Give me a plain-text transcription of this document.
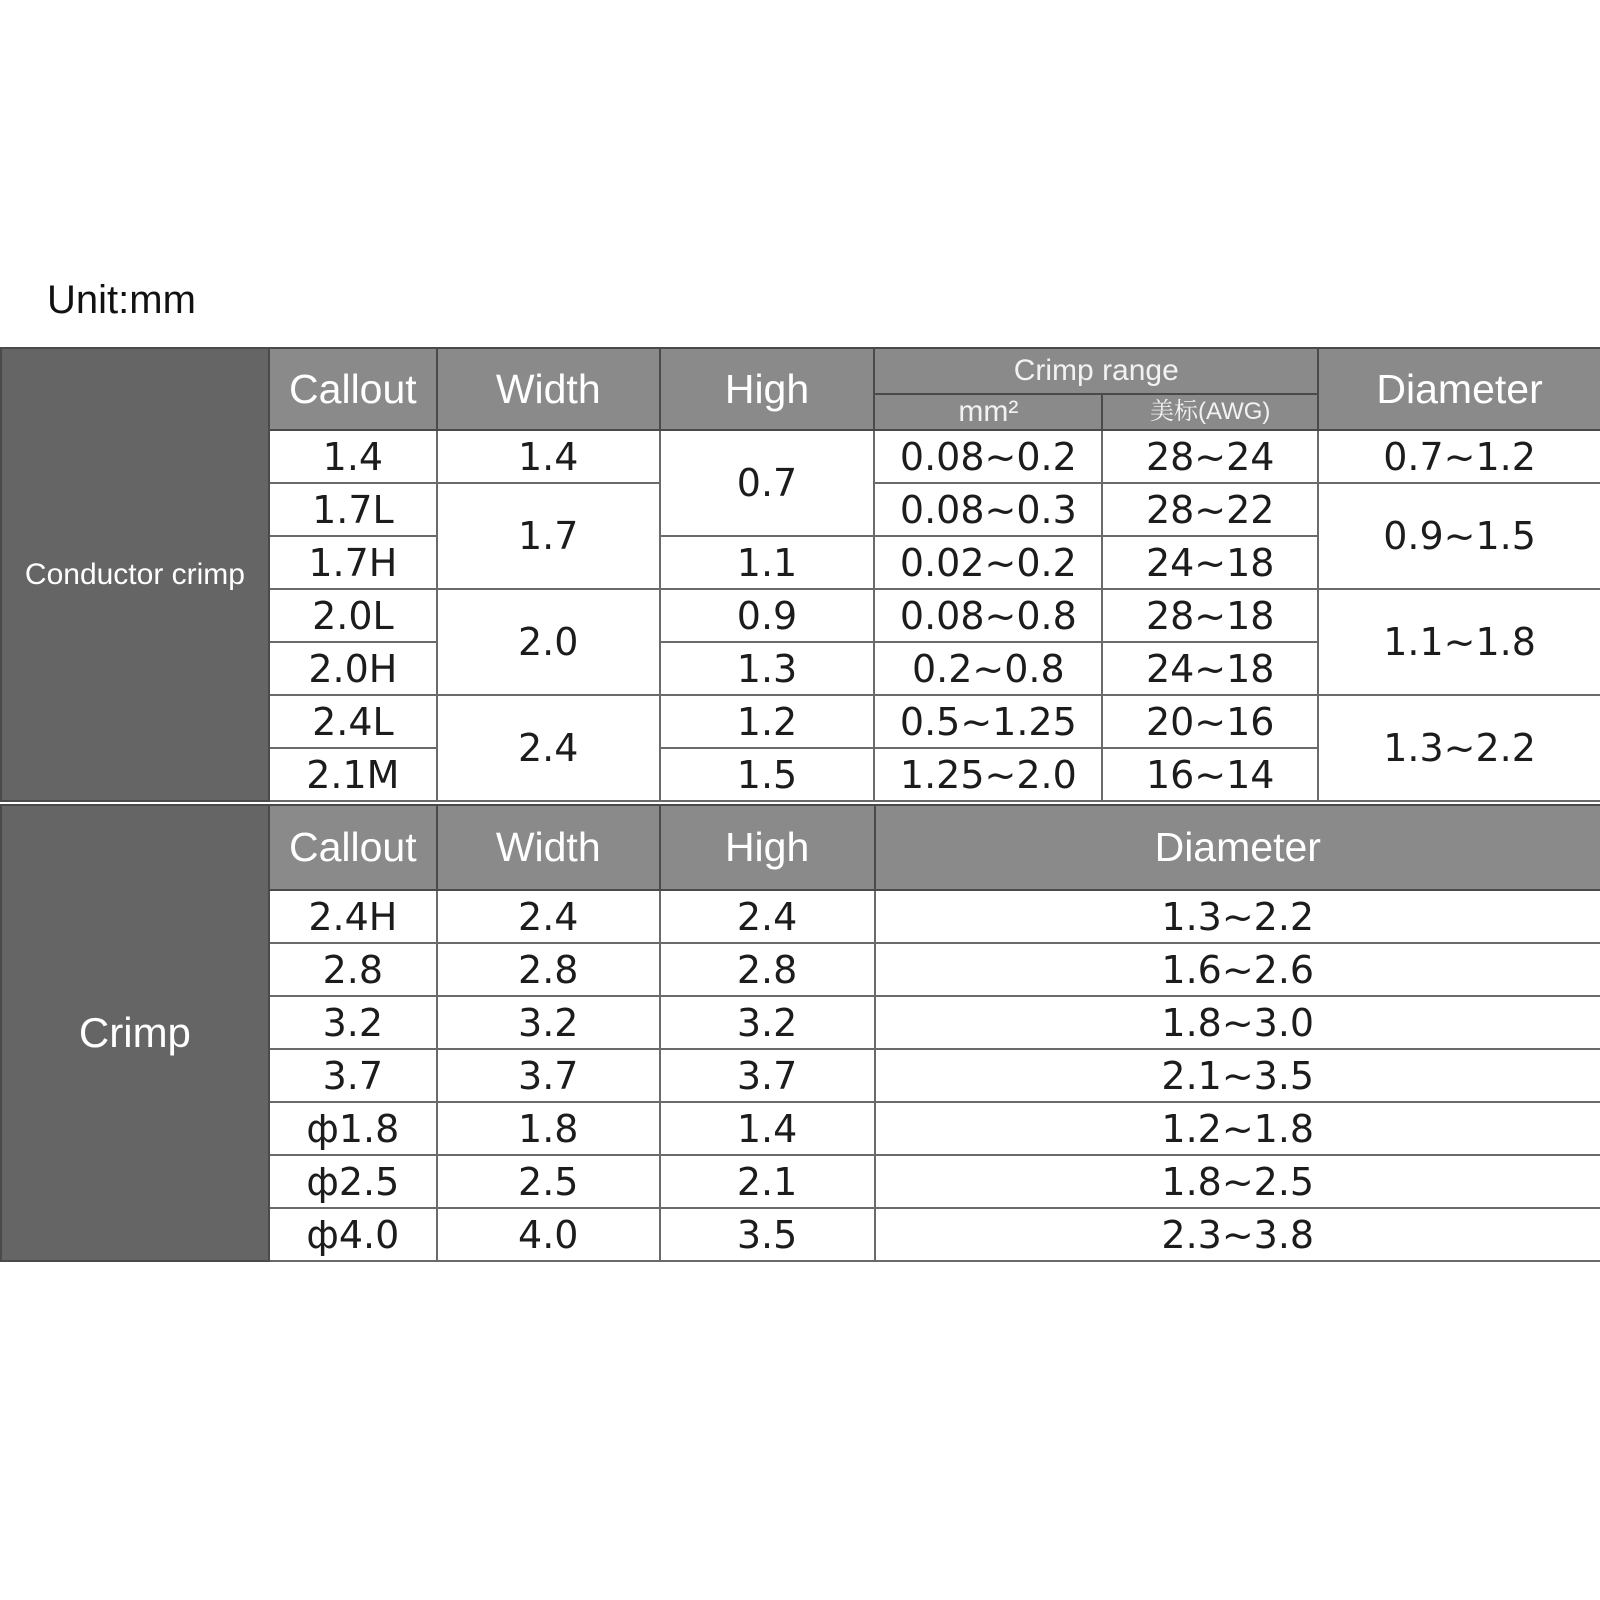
Unit:mm
Conductor crimp	Callout	Width	High	Crimp range		Diameter
				mm²	美标(AWG)	
	1.4	1.4	0.7	0.08~0.2	28~24	0.7~1.2
	1.7L	1.7		0.08~0.3	28~22	0.9~1.5
	1.7H		1.1	0.02~0.2	24~18	
	2.0L	2.0	0.9	0.08~0.8	28~18	1.1~1.8
	2.0H		1.3	0.2~0.8	24~18	
	2.4L	2.4	1.2	0.5~1.25	20~16	1.3~2.2
	2.1M		1.5	1.25~2.0	16~14	
Crimp	Callout	Width	High	Diameter
	2.4H	2.4	2.4	1.3~2.2
	2.8	2.8	2.8	1.6~2.6
	3.2	3.2	3.2	1.8~3.0
	3.7	3.7	3.7	2.1~3.5
	ф1.8	1.8	1.4	1.2~1.8
	ф2.5	2.5	2.1	1.8~2.5
	ф4.0	4.0	3.5	2.3~3.8
